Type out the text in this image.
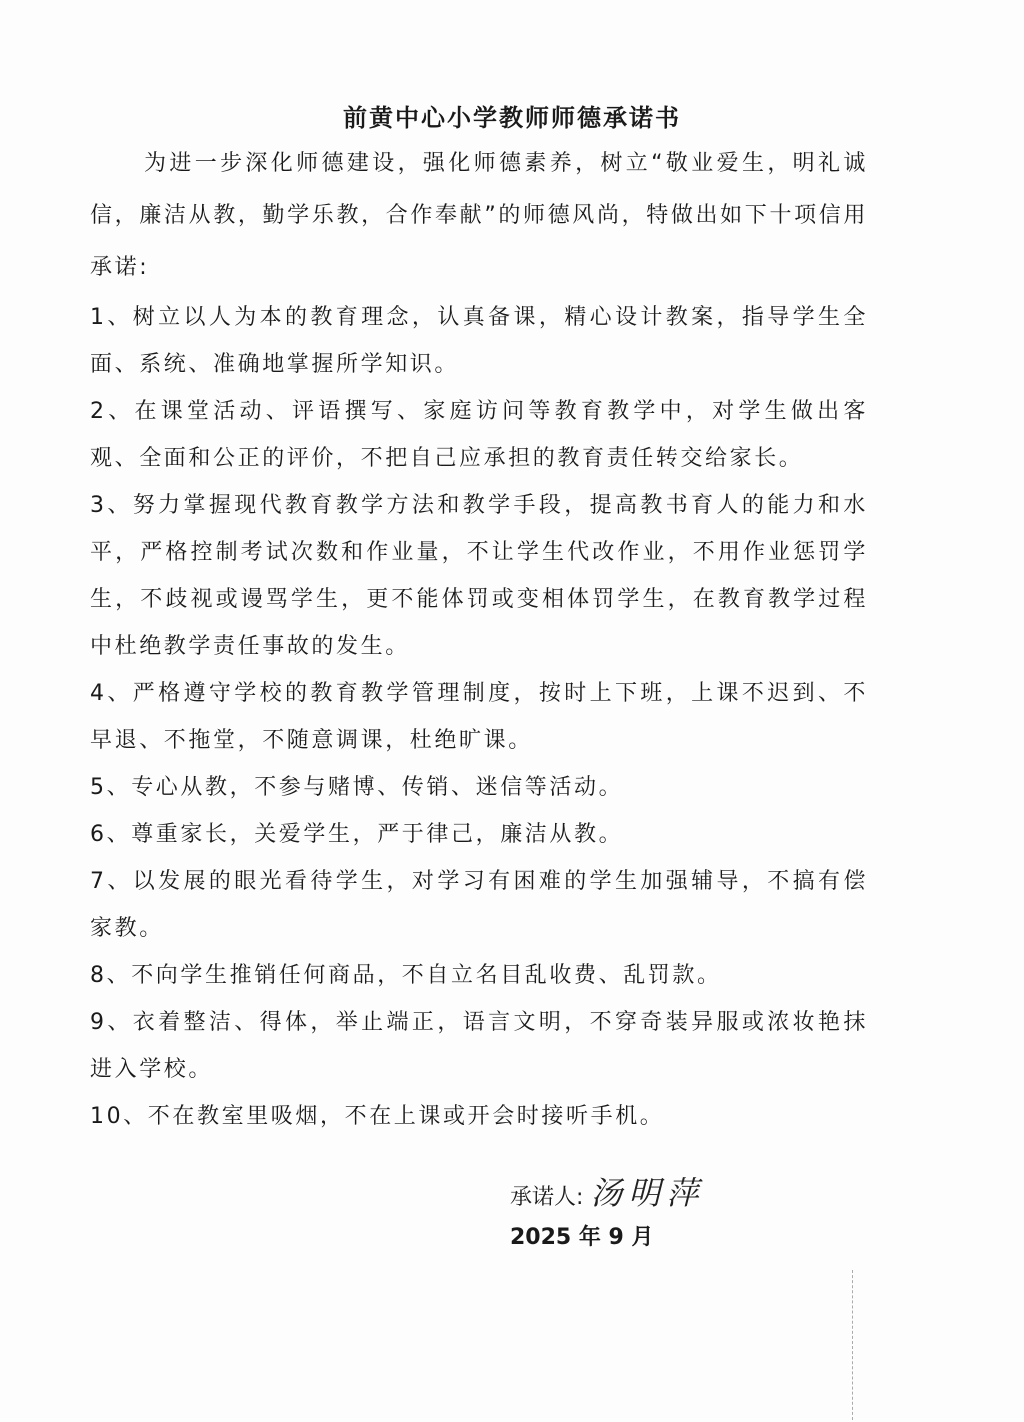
前黄中心小学教师师德承诺书

为进一步深化师德建设，强化师德素养，树立“敬业爱生，明礼诚信，廉洁从教，勤学乐教，合作奉献”的师德风尚，特做出如下十项信用承诺:

1、树立以人为本的教育理念，认真备课，精心设计教案，指导学生全面、系统、准确地掌握所学知识。

2、在课堂活动、评语撰写、家庭访问等教育教学中，对学生做出客观、全面和公正的评价，不把自己应承担的教育责任转交给家长。

3、努力掌握现代教育教学方法和教学手段，提高教书育人的能力和水平，严格控制考试次数和作业量，不让学生代改作业，不用作业惩罚学生，不歧视或谩骂学生，更不能体罚或变相体罚学生，在教育教学过程中杜绝教学责任事故的发生。

4、严格遵守学校的教育教学管理制度，按时上下班，上课不迟到、不早退、不拖堂，不随意调课，杜绝旷课。

5、专心从教，不参与赌博、传销、迷信等活动。

6、尊重家长，关爱学生，严于律己，廉洁从教。

7、以发展的眼光看待学生，对学习有困难的学生加强辅导，不搞有偿家教。

8、不向学生推销任何商品，不自立名目乱收费、乱罚款。

9、衣着整洁、得体，举止端正，语言文明，不穿奇装异服或浓妆艳抹进入学校。

10、不在教室里吸烟，不在上课或开会时接听手机。

承诺人: 汤明萍
2025 年 9 月
